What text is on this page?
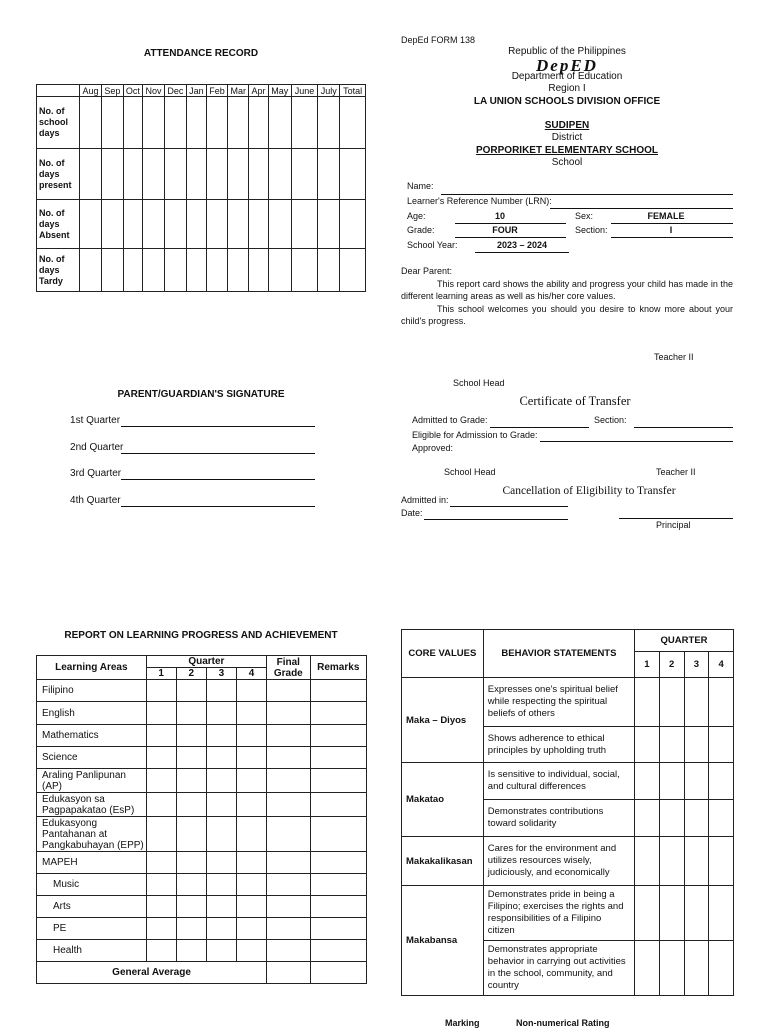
ATTENDANCE RECORD
	Aug	Sep	Oct	Nov	Dec	Jan	Feb	Mar	Apr	May	June	July	Total
No. of school days													
No. of days present													
No. of days Absent													
No. of days Tardy													
PARENT/GUARDIAN'S SIGNATURE
1st Quarter
2nd Quarter
3rd Quarter
4th Quarter
DepEd FORM 138
Republic of the Philippines
DepED
Department of Education
Region I
LA UNION SCHOOLS DIVISION OFFICE
SUDIPEN
District
PORPORIKET ELEMENTARY SCHOOL
School
Name:
Learner's Reference Number (LRN):
Age:	10	Sex:	FEMALE
Grade:	FOUR	Section:	I
School Year:	2023 – 2024
Dear Parent:
This report card shows the ability and progress your child has made in the different learning areas as well as his/her core values.
This school welcomes you should you desire to know more about your child's progress.
Teacher II
School Head
Certificate of Transfer
Admitted to Grade:	Section:
Eligible for Admission to Grade:
Approved:
School Head	Teacher II
Cancellation of Eligibility to Transfer
Admitted in:
Date:
Principal
REPORT ON LEARNING PROGRESS AND ACHIEVEMENT
Learning Areas	Quarter				Final Grade	Remarks
	1	2	3	4		
Filipino						
English						
Mathematics						
Science						
Araling Panlipunan (AP)						
Edukasyon sa Pagpapakatao (EsP)						
Edukasyong Pantahanan at Pangkabuhayan (EPP)						
MAPEH						
Music						
Arts						
PE						
Health						
General Average						
CORE VALUES	BEHAVIOR STATEMENTS	QUARTER			
		1	2	3	4
Maka – Diyos	Expresses one's spiritual belief while respecting the spiritual beliefs of others				
	Shows adherence to ethical principles by upholding truth				
Makatao	Is sensitive to individual, social, and cultural differences				
	Demonstrates contributions toward solidarity				
Makakalikasan	Cares for the environment and utilizes resources wisely, judiciously, and economically				
Makabansa	Demonstrates pride in being a Filipino; exercises the rights and responsibilities of a Filipino citizen				
	Demonstrates appropriate behavior in carrying out activities in the school, community, and country				
Marking	Non-numerical Rating
